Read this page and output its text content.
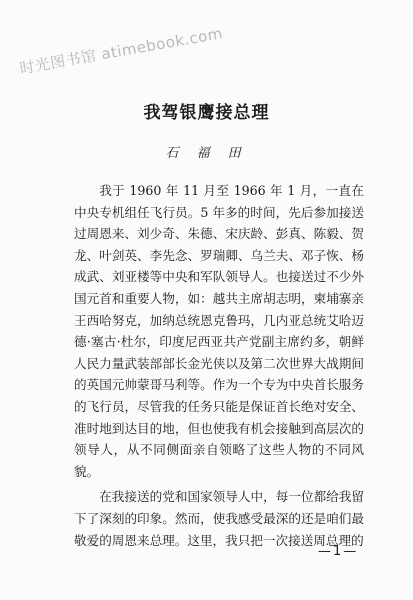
时光图书馆 atimebook.com
我驾银鹰接总理
石 福 田

我于 1960 年 11 月至 1966 年 1 月，一直在中央专机组任飞行员。5 年多的时间，先后参加接送过周恩来、刘少奇、朱德、宋庆龄、彭真、陈毅、贺龙、叶剑英、李先念、罗瑞卿、乌兰夫、邓子恢、杨成武、刘亚楼等中央和军队领导人。也接送过不少外国元首和重要人物，如：越共主席胡志明，柬埔寨亲王西哈努克，加纳总统恩克鲁玛，几内亚总统艾哈迈德·塞古·杜尔，印度尼西亚共产党副主席约多，朝鲜人民力量武装部部长金光侠以及第二次世界大战期间的英国元帅蒙哥马利等。作为一个专为中央首长服务的飞行员，尽管我的任务只能是保证首长绝对安全、准时地到达目的地，但也使我有机会接触到高层次的领导人，从不同侧面亲自领略了这些人物的不同风貌。

在我接送的党和国家领导人中，每一位都给我留下了深刻的印象。然而，使我感受最深的还是咱们最敬爱的周恩来总理。这里，我只把一次接送周总理的

—1—
